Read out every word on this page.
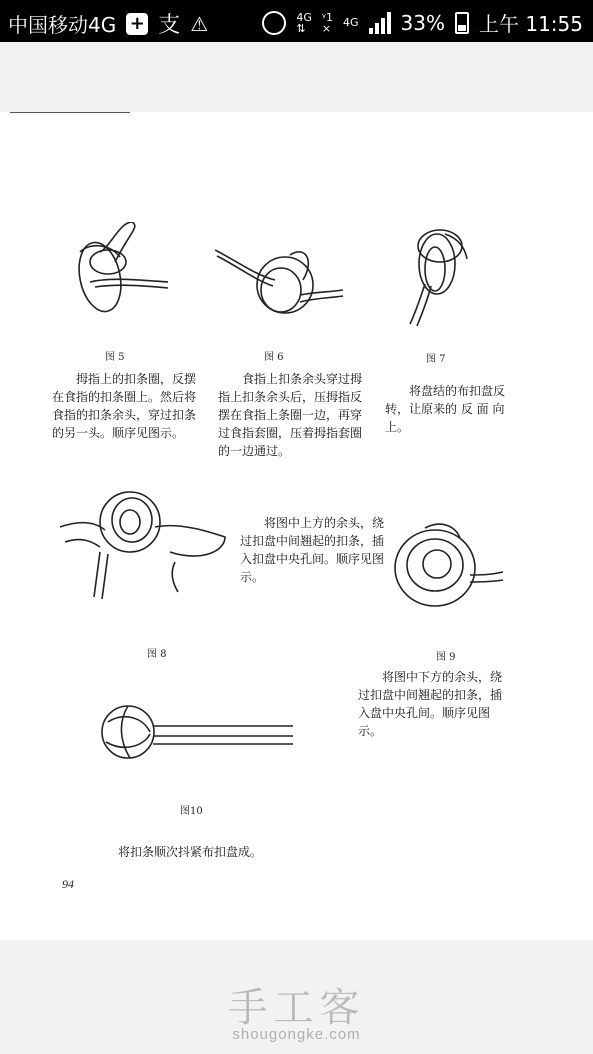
中国移动4G + 支 ⚠	4G
⇅
ᵞ1
× 4G 33% 上午 11:55
图 5
拇指上的扣条圈，反摆
在食指的扣条圈上。然后将
食指的扣条余头，穿过扣条
的另一头。顺序见图示。
图 6
食指上扣条余头穿过拇
指上扣条余头后，压拇指反
摆在食指上条圈一边，再穿
过食指套圈，压着拇指套圈
的一边通过。
图 7
将盘结的布扣盘反
转，让原来的 反 面 向
上。
图 8
将图中上方的余头，绕
过扣盘中间翘起的扣条，插
入扣盘中央孔间。顺序见图
示。
图 9
将图中下方的余头，绕
过扣盘中间翘起的扣条，插
入盘中央孔间。顺序见图
示。
图10
将扣条顺次抖紧布扣盘成。
94
手工客
shougongke.com
